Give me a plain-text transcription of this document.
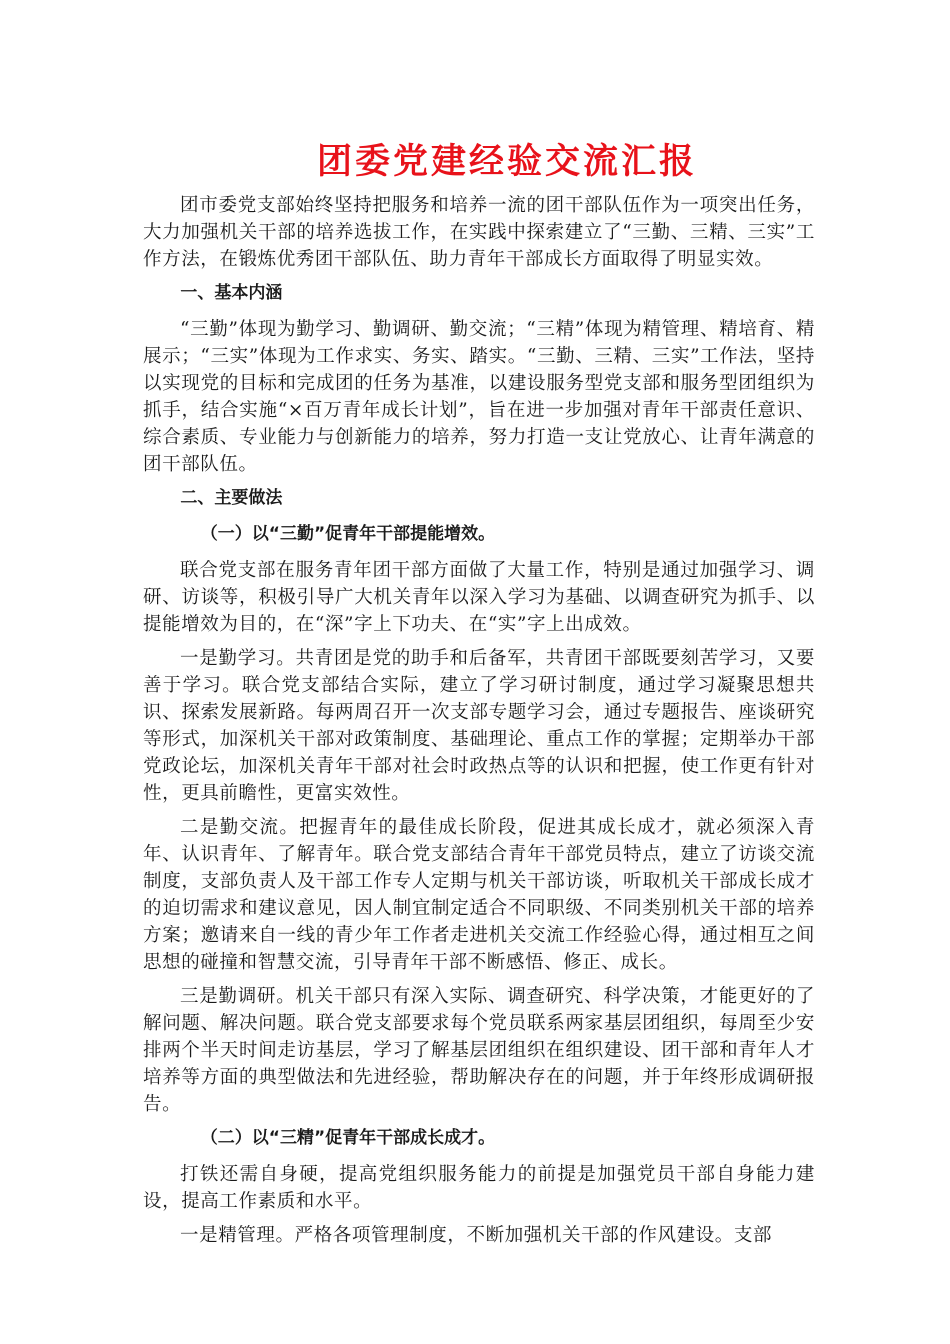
团委党建经验交流汇报

团市委党支部始终坚持把服务和培养一流的团干部队伍作为一项突出任务，大力加强机关干部的培养选拔工作，在实践中探索建立了“三勤、三精、三实”工作方法，在锻炼优秀团干部队伍、助力青年干部成长方面取得了明显实效。

一、基本内涵

“三勤”体现为勤学习、勤调研、勤交流；“三精”体现为精管理、精培育、精展示；“三实”体现为工作求实、务实、踏实。“三勤、三精、三实”工作法，坚持以实现党的目标和完成团的任务为基准，以建设服务型党支部和服务型团组织为抓手，结合实施“×百万青年成长计划”，旨在进一步加强对青年干部责任意识、综合素质、专业能力与创新能力的培养，努力打造一支让党放心、让青年满意的团干部队伍。

二、主要做法

（一）以“三勤”促青年干部提能增效。

联合党支部在服务青年团干部方面做了大量工作，特别是通过加强学习、调研、访谈等，积极引导广大机关青年以深入学习为基础、以调查研究为抓手、以提能增效为目的，在“深”字上下功夫、在“实”字上出成效。

一是勤学习。共青团是党的助手和后备军，共青团干部既要刻苦学习，又要善于学习。联合党支部结合实际，建立了学习研讨制度，通过学习凝聚思想共识、探索发展新路。每两周召开一次支部专题学习会，通过专题报告、座谈研究等形式，加深机关干部对政策制度、基础理论、重点工作的掌握；定期举办干部党政论坛，加深机关青年干部对社会时政热点等的认识和把握，使工作更有针对性，更具前瞻性，更富实效性。

二是勤交流。把握青年的最佳成长阶段，促进其成长成才，就必须深入青年、认识青年、了解青年。联合党支部结合青年干部党员特点，建立了访谈交流制度，支部负责人及干部工作专人定期与机关干部访谈，听取机关干部成长成才的迫切需求和建议意见，因人制宜制定适合不同职级、不同类别机关干部的培养方案；邀请来自一线的青少年工作者走进机关交流工作经验心得，通过相互之间思想的碰撞和智慧交流，引导青年干部不断感悟、修正、成长。

三是勤调研。机关干部只有深入实际、调查研究、科学决策，才能更好的了解问题、解决问题。联合党支部要求每个党员联系两家基层团组织，每周至少安排两个半天时间走访基层，学习了解基层团组织在组织建设、团干部和青年人才培养等方面的典型做法和先进经验，帮助解决存在的问题，并于年终形成调研报告。

（二）以“三精”促青年干部成长成才。

打铁还需自身硬，提高党组织服务能力的前提是加强党员干部自身能力建设，提高工作素质和水平。

一是精管理。严格各项管理制度，不断加强机关干部的作风建设。支部
